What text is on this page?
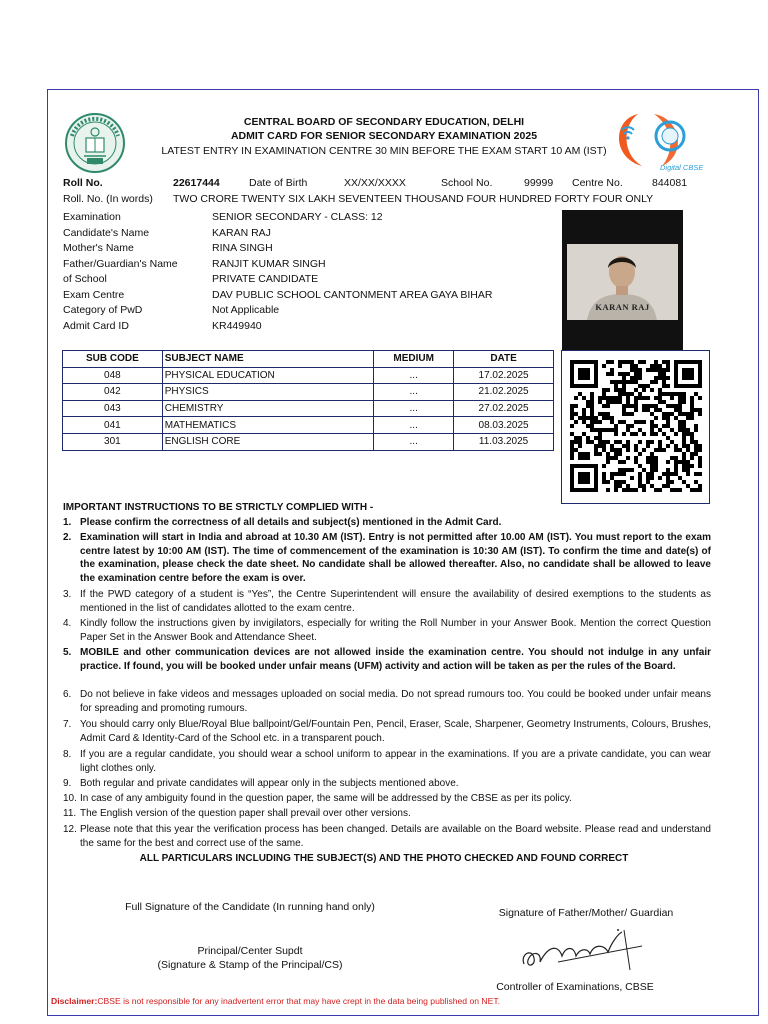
Digital CBSE
CENTRAL BOARD OF SECONDARY EDUCATION, DELHI
ADMIT CARD FOR SENIOR SECONDARY EXAMINATION 2025
LATEST ENTRY IN EXAMINATION CENTRE 30 MIN BEFORE THE EXAM START 10 AM (IST)
Roll No.	22617444	Date of Birth	XX/XX/XXXX	School No.	99999 Centre No.	844081
Roll. No. (In words) TWO CRORE TWENTY SIX LAKH SEVENTEEN THOUSAND FOUR HUNDRED FORTY FOUR ONLY
Examination	SENIOR SECONDARY - CLASS: 12
Candidate's Name	KARAN RAJ
Mother's Name	RINA SINGH
Father/Guardian's Name	RANJIT KUMAR SINGH
of School	PRIVATE CANDIDATE
Exam Centre	DAV PUBLIC SCHOOL CANTONMENT AREA GAYA BIHAR
Category of PwD	Not Applicable
Admit Card ID	KR449940
KARAN RAJ
SUB CODE	SUBJECT NAME	MEDIUM	DATE
048	PHYSICAL EDUCATION	...	17.02.2025
042	PHYSICS	...	21.02.2025
043	CHEMISTRY	...	27.02.2025
041	MATHEMATICS	...	08.03.2025
301	ENGLISH CORE	...	11.03.2025
IMPORTANT INSTRUCTIONS TO BE STRICTLY COMPLIED WITH -
1. Please confirm the correctness of all details and subject(s) mentioned in the Admit Card.
2. Examination will start in India and abroad at 10.30 AM (IST). Entry is not permitted after 10.00 AM (IST). You must report to the exam centre latest by 10:00 AM (IST). The time of commencement of the examination is 10:30 AM (IST). To confirm the time and date(s) of the examination, please check the date sheet. No candidate shall be allowed thereafter. Also, no candidate shall be allowed to leave the examination centre before the exam is over.
3. If the PWD category of a student is “Yes”, the Centre Superintendent will ensure the availability of desired exemptions to the students as mentioned in the list of candidates allotted to the exam centre.
4. Kindly follow the instructions given by invigilators, especially for writing the Roll Number in your Answer Book. Mention the correct Question Paper Set in the Answer Book and Attendance Sheet.
5. MOBILE and other communication devices are not allowed inside the examination centre. You should not indulge in any unfair practice. If found, you will be booked under unfair means (UFM) activity and action will be taken as per the rules of the Board.
6. Do not believe in fake videos and messages uploaded on social media. Do not spread rumours too. You could be booked under unfair means for spreading and promoting rumours.
7. You should carry only Blue/Royal Blue ballpoint/Gel/Fountain Pen, Pencil, Eraser, Scale, Sharpener, Geometry Instruments, Colours, Brushes, Admit Card & Identity-Card of the School etc. in a transparent pouch.
8. If you are a regular candidate, you should wear a school uniform to appear in the examinations. If you are a private candidate, you can wear light clothes only.
9. Both regular and private candidates will appear only in the subjects mentioned above.
10. In case of any ambiguity found in the question paper, the same will be addressed by the CBSE as per its policy.
11. The English version of the question paper shall prevail over other versions.
12. Please note that this year the verification process has been changed. Details are available on the Board website. Please read and understand the same for the best and correct use of the same.
ALL PARTICULARS INCLUDING THE SUBJECT(S) AND THE PHOTO CHECKED AND FOUND CORRECT
Full Signature of the Candidate (In running hand only)	Signature of Father/Mother/ Guardian
Principal/Center Supdt
(Signature & Stamp of the Principal/CS)
Controller of Examinations, CBSE
Disclaimer:CBSE is not responsible for any inadvertent error that may have crept in the data being published on NET.
